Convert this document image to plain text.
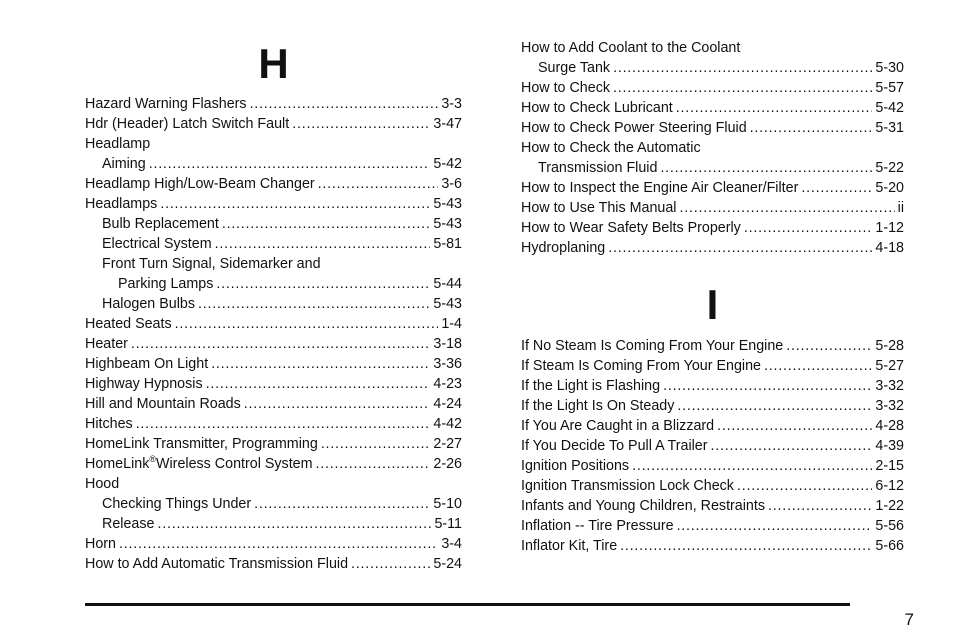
H
Hazard Warning Flashers . . .	3-3
Hdr (Header) Latch Switch Fault . . .	3-47
Headlamp
Aiming . . .	5-42
Headlamp High/Low-Beam Changer . . .	3-6
Headlamps . . .	5-43
Bulb Replacement . . .	5-43
Electrical System . . .	5-81
Front Turn Signal, Sidemarker and
Parking Lamps . . .	5-44
Halogen Bulbs . . .	5-43
Heated Seats . . .	1-4
Heater . . .	3-18
Highbeam On Light . . .	3-36
Highway Hypnosis . . .	4-23
Hill and Mountain Roads . . .	4-24
Hitches . . .	4-42
HomeLink Transmitter, Programming . . .	2-27
HomeLink®Wireless Control System . . .	2-26
Hood
Checking Things Under . . .	5-10
Release . . .	5-11
Horn . . .	3-4
How to Add Automatic Transmission Fluid . . .	5-24
How to Add Coolant to the Coolant
Surge Tank . . .	5-30
How to Check . . .	5-57
How to Check Lubricant . . .	5-42
How to Check Power Steering Fluid . . .	5-31
How to Check the Automatic
Transmission Fluid . . .	5-22
How to Inspect the Engine Air Cleaner/Filter . . .	5-20
How to Use This Manual . . .	ii
How to Wear Safety Belts Properly . . .	1-12
Hydroplaning . . .	4-18
I
If No Steam Is Coming From Your Engine . . .	5-28
If Steam Is Coming From Your Engine . . .	5-27
If the Light is Flashing . . .	3-32
If the Light Is On Steady . . .	3-32
If You Are Caught in a Blizzard . . .	4-28
If You Decide To Pull A Trailer . . .	4-39
Ignition Positions . . .	2-15
Ignition Transmission Lock Check . . .	6-12
Infants and Young Children, Restraints . . .	1-22
Inflation -- Tire Pressure . . .	5-56
Inflator Kit, Tire . . .	5-66
7
